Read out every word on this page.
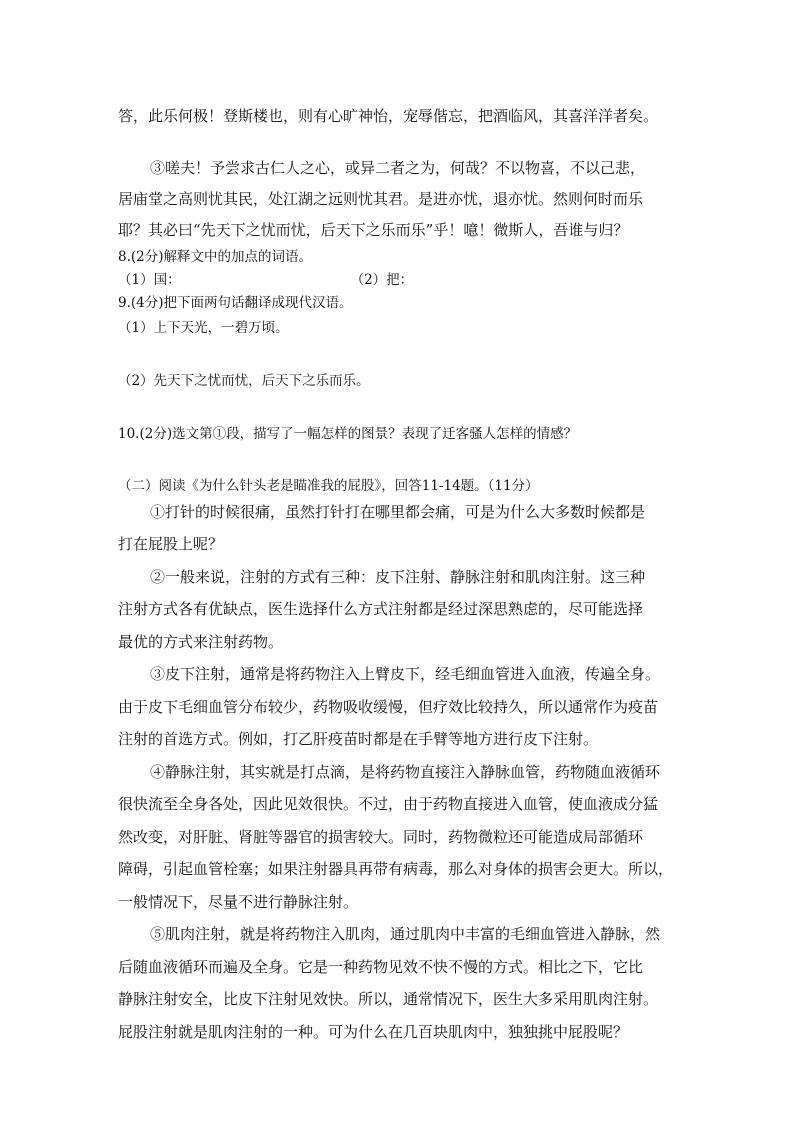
答，此乐何极！登斯楼也，则有心旷神怡，宠辱偕忘，把酒临风，其喜洋洋者矣。
③嗟夫！予尝求古仁人之心，或异二者之为，何哉？不以物喜，不以己悲，
居庙堂之高则忧其民，处江湖之远则忧其君。是进亦忧，退亦忧。然则何时而乐
耶？其必曰“先天下之忧而忧，后天下之乐而乐”乎！噫！微斯人，吾谁与归？
8.(2分)解释文中的加点的词语。
（1）国：	（2）把：
9.(4分)把下面两句话翻译成现代汉语。
（1）上下天光，一碧万顷。
（2）先天下之忧而忧，后天下之乐而乐。
10.(2分)选文第①段，描写了一幅怎样的图景？表现了迁客骚人怎样的情感？
（二）阅读《为什么针头老是瞄准我的屁股》，回答11-14题。（11分）
①打针的时候很痛，虽然打针打在哪里都会痛，可是为什么大多数时候都是
打在屁股上呢？
②一般来说，注射的方式有三种：皮下注射、静脉注射和肌肉注射。这三种
注射方式各有优缺点，医生选择什么方式注射都是经过深思熟虑的，尽可能选择
最优的方式来注射药物。
③皮下注射，通常是将药物注入上臂皮下，经毛细血管进入血液，传遍全身。
由于皮下毛细血管分布较少，药物吸收缓慢，但疗效比较持久，所以通常作为疫苗
注射的首选方式。例如，打乙肝疫苗时都是在手臂等地方进行皮下注射。
④静脉注射，其实就是打点滴，是将药物直接注入静脉血管，药物随血液循环
很快流至全身各处，因此见效很快。不过，由于药物直接进入血管，使血液成分猛
然改变，对肝脏、肾脏等器官的损害较大。同时，药物微粒还可能造成局部循环
障碍，引起血管栓塞；如果注射器具再带有病毒，那么对身体的损害会更大。所以，
一般情况下，尽量不进行静脉注射。
⑤肌肉注射，就是将药物注入肌肉，通过肌肉中丰富的毛细血管进入静脉，然
后随血液循环而遍及全身。它是一种药物见效不快不慢的方式。相比之下，它比
静脉注射安全，比皮下注射见效快。所以，通常情况下，医生大多采用肌肉注射。
屁股注射就是肌肉注射的一种。可为什么在几百块肌肉中，独独挑中屁股呢？
